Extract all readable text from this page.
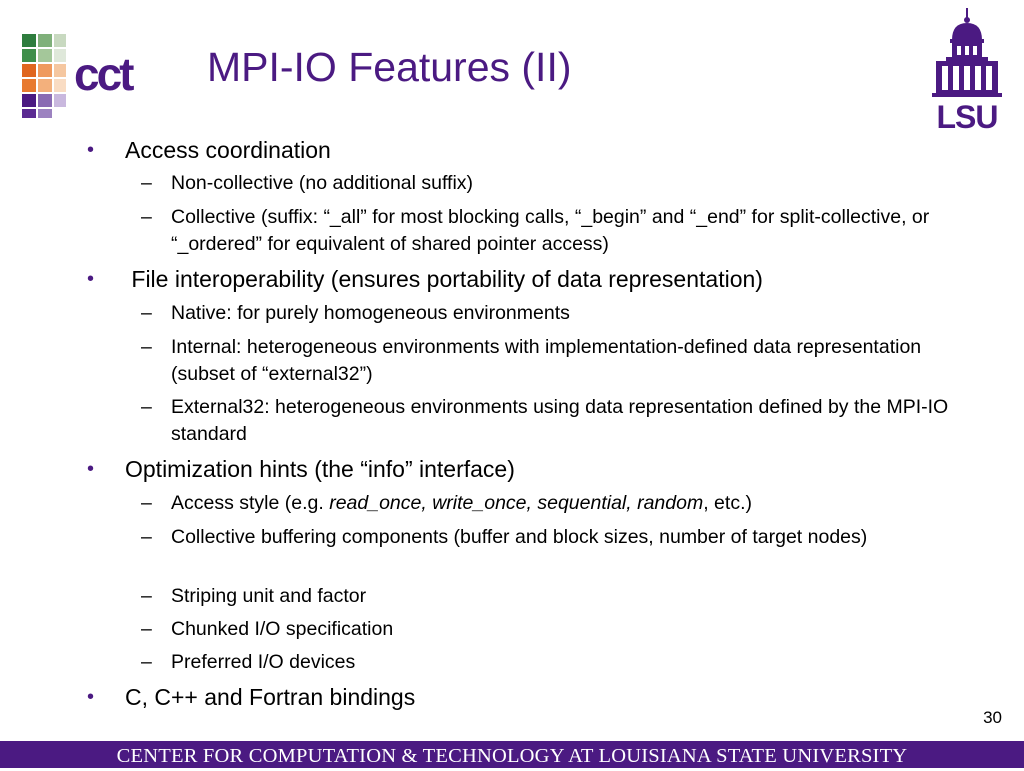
cct MPI-IO Features (II)
LSU
• Access coordination
– Non-collective (no additional suffix)
– Collective (suffix: “_all” for most blocking calls, “_begin” and “_end” for split-collective, or “_ordered” for equivalent of shared pointer access)
• File interoperability (ensures portability of data representation)
– Native: for purely homogeneous environments
– Internal: heterogeneous environments with implementation-defined data representation (subset of “external32”)
– External32: heterogeneous environments using data representation defined by the MPI-IO standard
• Optimization hints (the “info” interface)
– Access style (e.g. read_once, write_once, sequential, random, etc.)
– Collective buffering components (buffer and block sizes, number of target nodes)
– Striping unit and factor
– Chunked I/O specification
– Preferred I/O devices
• C, C++ and Fortran bindings
30
CENTER FOR COMPUTATION & TECHNOLOGY AT LOUISIANA STATE UNIVERSITY
